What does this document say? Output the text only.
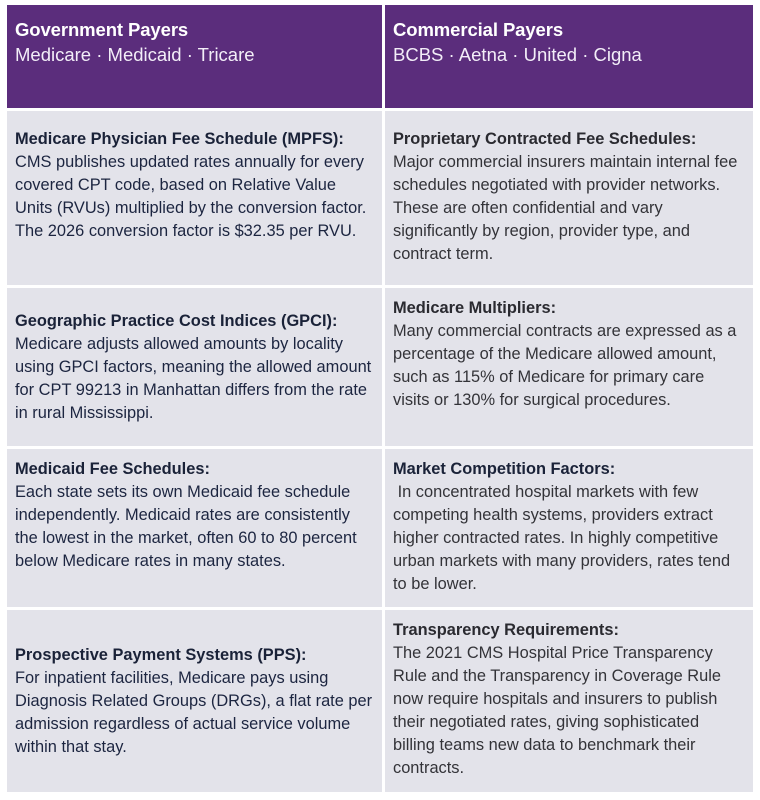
Government Payers
Medicare · Medicaid · Tricare
Commercial Payers
BCBS · Aetna · United · Cigna
Medicare Physician Fee Schedule (MPFS):
CMS publishes updated rates annually for every covered CPT code, based on Relative Value Units (RVUs) multiplied by the conversion factor. The 2026 conversion factor is $32.35 per RVU.
Proprietary Contracted Fee Schedules:
Major commercial insurers maintain internal fee schedules negotiated with provider networks. These are often confidential and vary significantly by region, provider type, and contract term.
Geographic Practice Cost Indices (GPCI):
Medicare adjusts allowed amounts by locality using GPCI factors, meaning the allowed amount for CPT 99213 in Manhattan differs from the rate in rural Mississippi.
Medicare Multipliers:
Many commercial contracts are expressed as a percentage of the Medicare allowed amount, such as 115% of Medicare for primary care visits or 130% for surgical procedures.
Medicaid Fee Schedules:
Each state sets its own Medicaid fee schedule independently. Medicaid rates are consistently the lowest in the market, often 60 to 80 percent below Medicare rates in many states.
Market Competition Factors:
In concentrated hospital markets with few competing health systems, providers extract higher contracted rates. In highly competitive urban markets with many providers, rates tend to be lower.
Prospective Payment Systems (PPS):
For inpatient facilities, Medicare pays using Diagnosis Related Groups (DRGs), a flat rate per admission regardless of actual service volume within that stay.
Transparency Requirements:
The 2021 CMS Hospital Price Transparency Rule and the Transparency in Coverage Rule now require hospitals and insurers to publish their negotiated rates, giving sophisticated billing teams new data to benchmark their contracts.
